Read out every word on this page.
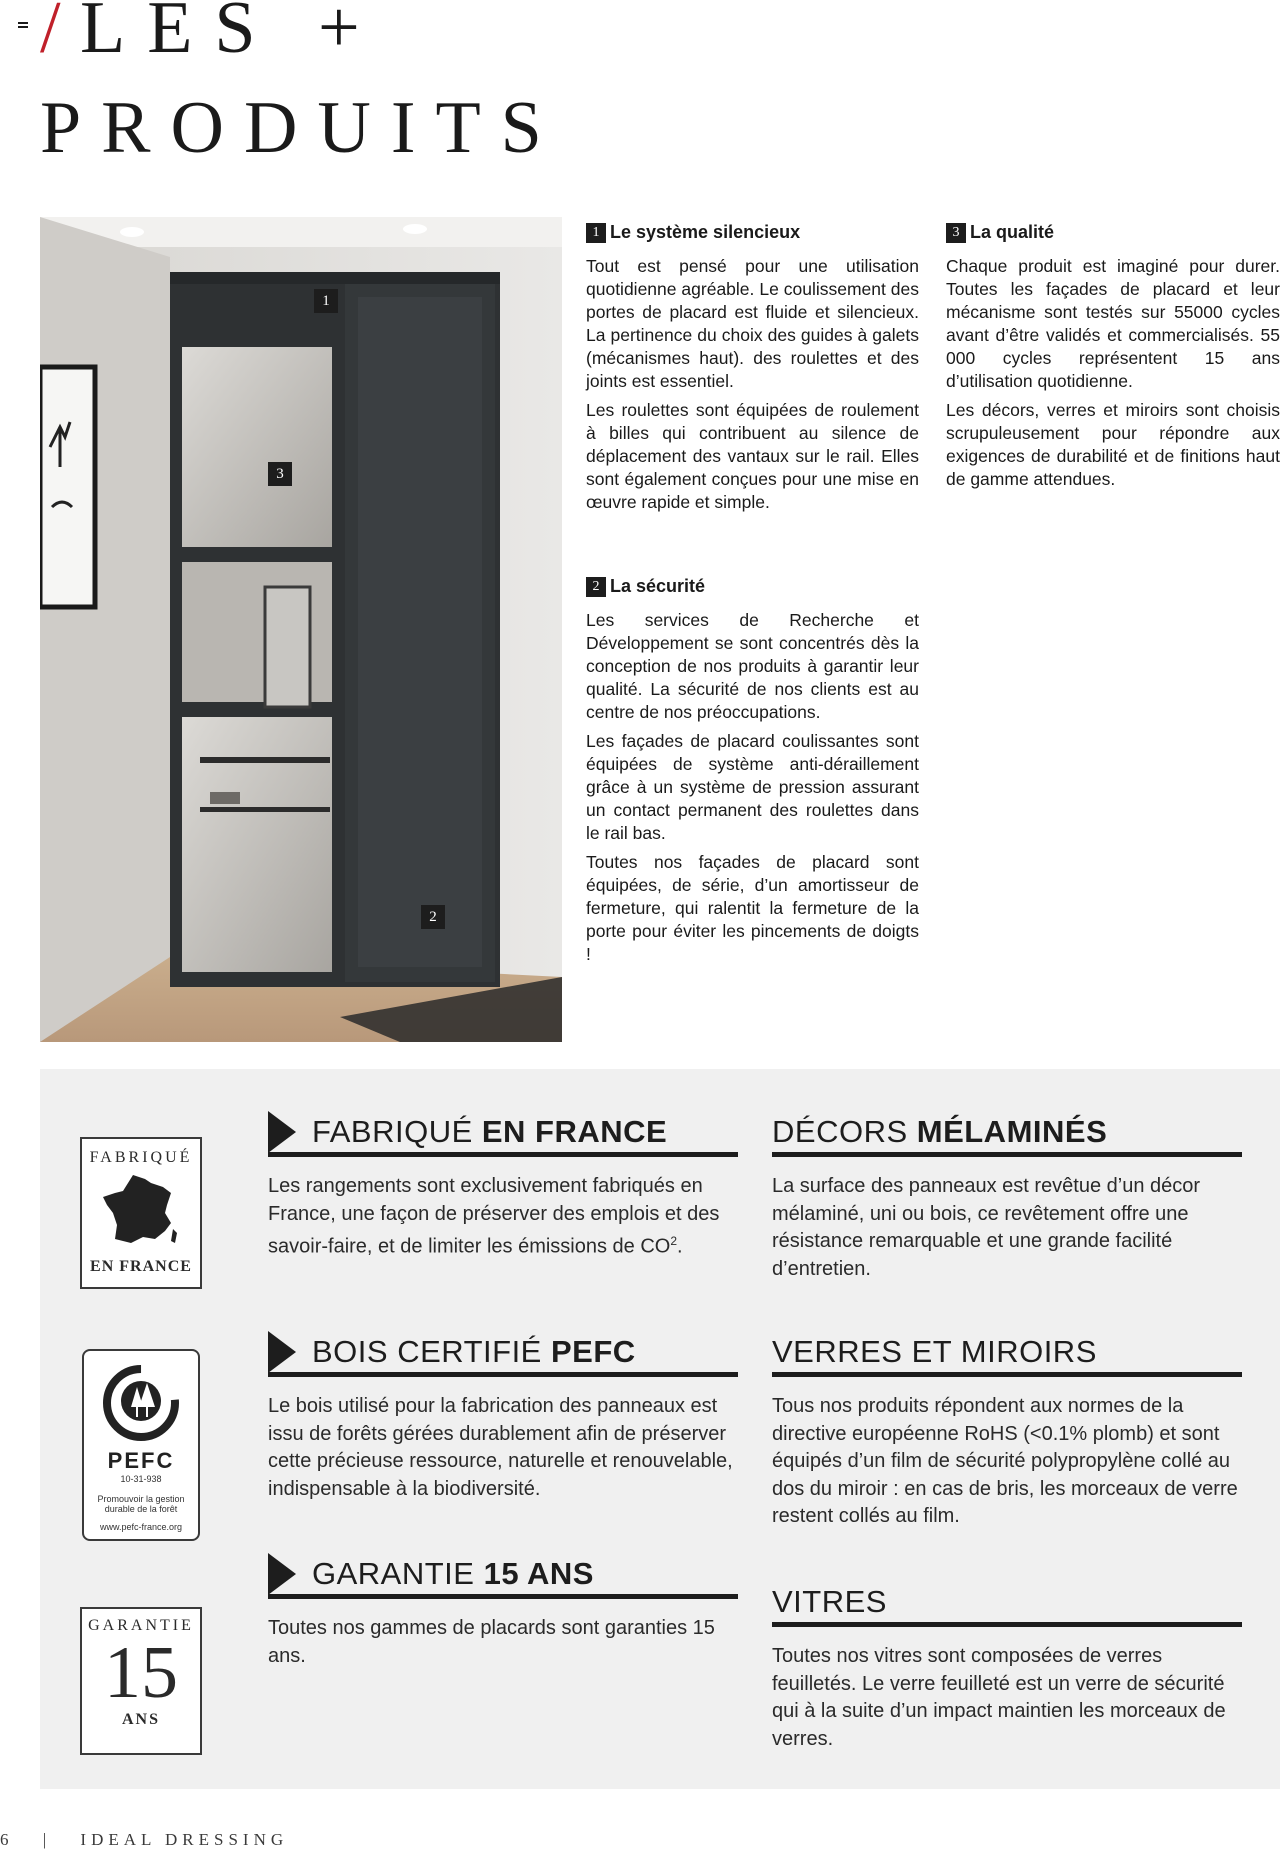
/ LES +
PRODUITS
1
3
2
1 Le système silencieux

Tout est pensé pour une utilisation quotidienne agréable. Le coulissement des portes de placard est fluide et silencieux. La pertinence du choix des guides à galets (mécanismes haut). des roulettes et des joints est essentiel.

Les roulettes sont équipées de roulement à billes qui contribuent au silence de déplacement des vantaux sur le rail. Elles sont également conçues pour une mise en œuvre rapide et simple.

3 La qualité

Chaque produit est imaginé pour durer. Toutes les façades de placard et leur mécanisme sont testés sur 55000 cycles avant d’être validés et commercialisés. 55 000 cycles représentent 15 ans d’utilisation quotidienne.

Les décors, verres et miroirs sont choisis scrupuleusement pour répondre aux exigences de durabilité et de finitions haut de gamme attendues.

2 La sécurité

Les services de Recherche et Développement se sont concentrés dès la conception de nos produits à garantir leur qualité. La sécurité de nos clients est au centre de nos préoccupations.

Les façades de placard coulissantes sont équipées de système anti-déraillement grâce à un système de pression assurant un contact permanent des roulettes dans le rail bas.

Toutes nos façades de placard sont équipées, de série, d’un amortisseur de fermeture, qui ralentit la fermeture de la porte pour éviter les pincements de doigts !

FABRIQUÉ
EN FRANCE
PEFC
10-31-938
Promouvoir la gestion
durable de la forêt
www.pefc-france.org
GARANTIE
15
ANS
FABRIQUÉ EN FRANCE
Les rangements sont exclusivement fabriqués en France, une façon de préserver des emplois et des savoir-faire, et de limiter les émissions de $CO^2$.
DÉCORS MÉLAMINÉS
La surface des panneaux est revêtue d’un décor mélaminé, uni ou bois, ce revêtement offre une résistance remarquable et une grande facilité d’entretien.
BOIS CERTIFIÉ PEFC
Le bois utilisé pour la fabrication des panneaux est issu de forêts gérées durablement afin de préserver cette précieuse ressource, naturelle et renouvelable, indispensable à la biodiversité.
VERRES ET MIROIRS
Tous nos produits répondent aux normes de la directive européenne RoHS (<0.1% plomb) et sont équipés d’un film de sécurité polypropylène collé au dos du miroir : en cas de bris, les morceaux de verre restent collés au film.
GARANTIE 15 ANS
Toutes nos gammes de placards sont garanties 15 ans.
VITRES
Toutes nos vitres sont composées de verres feuilletés. Le verre feuilleté est un verre de sécurité qui à la suite d’un impact maintien les morceaux de verres.
6 | IDEAL DRESSING
